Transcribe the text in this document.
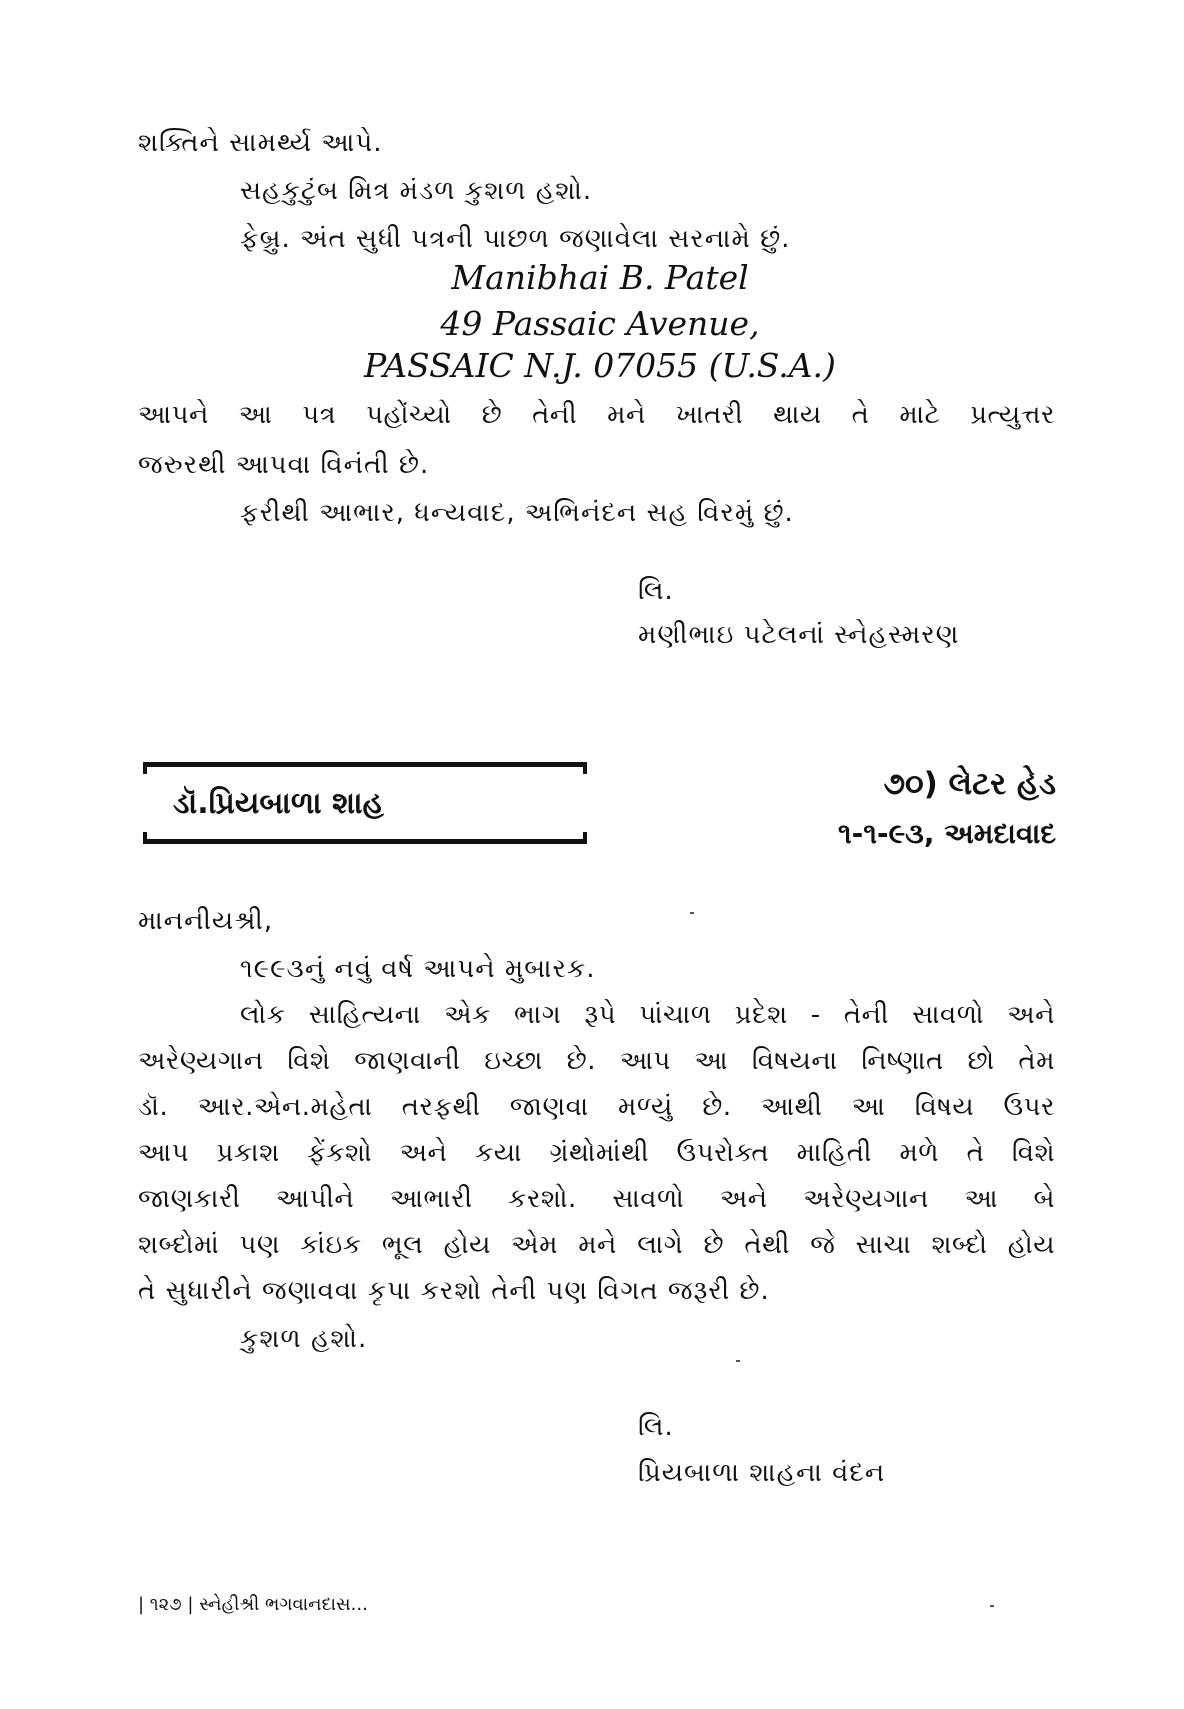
શક્તિને સામર્થ્ય આપે.
સહકુટુંબ મિત્ર મંડળ કુશળ હશો.
ફેબ્રુ. અંત સુધી પત્રની પાછળ જણાવેલા સરનામે છું.
Manibhai B. Patel
49 Passaic Avenue,
PASSAIC N.J. 07055 (U.S.A.)
આપને આ પત્ર પહોંચ્યો છે તેની મને ખાતરી થાય તે માટે પ્રત્યુત્તર
જરુરથી આપવા વિનંતી છે.
ફરીથી આભાર, ધન્યવાદ, અભિનંદન સહ વિરમું છું.
લિ.
મણીભાઇ પટેલનાં સ્નેહસ્મરણ
ડૉ.પ્રિયબાળા શાહ
૭૦) લેટર હેડ
૧-૧-૯૩, અમદાવાદ
માનનીયશ્રી,
૧૯૯૩નું નવું વર્ષ આપને મુબારક.
લોક સાહિત્યના એક ભાગ રૂપે પાંચાળ પ્રદેશ - તેની સાવળો અને
અરેણ્યગાન વિશે જાણવાની ઇચ્છા છે. આપ આ વિષયના નિષ્ણાત છો તેમ
ડૉ. આર.એન.મહેતા તરફથી જાણવા મળ્યું છે. આથી આ વિષય ઉપર
આપ પ્રકાશ ફેંકશો અને કયા ગ્રંથોમાંથી ઉપરોક્ત માહિતી મળે તે વિશે
જાણકારી આપીને આભારી કરશો. સાવળો અને અરેણ્યગાન આ બે
શબ્દોમાં પણ કાંઇક ભૂલ હોય એમ મને લાગે છે તેથી જે સાચા શબ્દો હોય
તે સુધારીને જણાવવા કૃપા કરશો તેની પણ વિગત જરૂરી છે.
કુશળ હશો.
લિ.
પ્રિયબાળા શાહના વંદન
| ૧૨૭ | સ્નેહીશ્રી ભગવાનદાસ...
